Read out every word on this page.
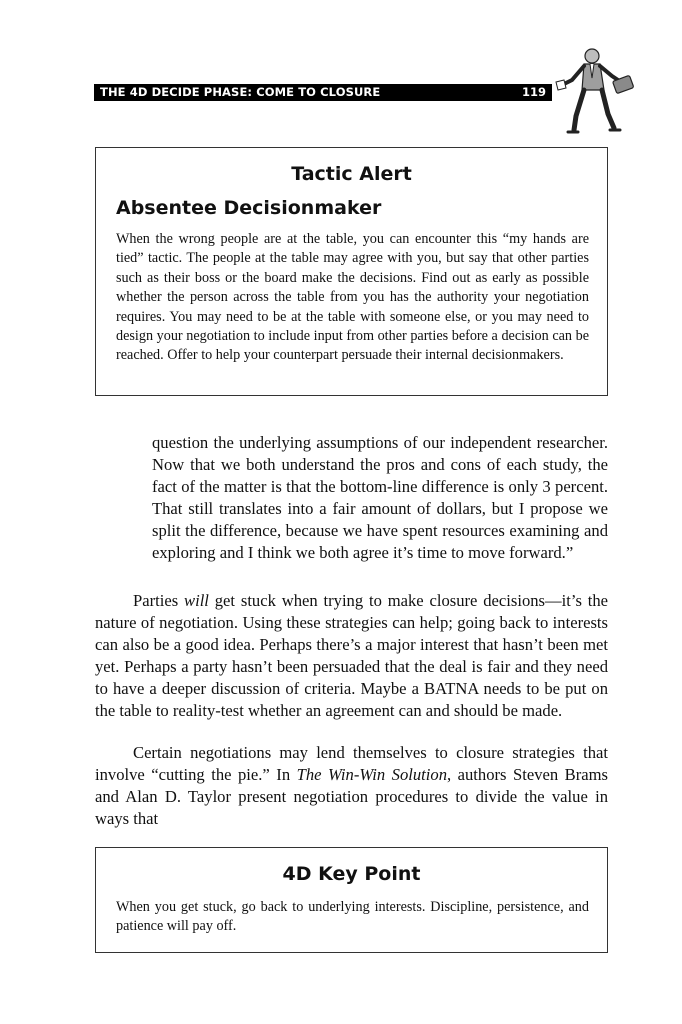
THE 4D DECIDE PHASE: COME TO CLOSURE	119
Tactic Alert
Absentee Decisionmaker

When the wrong people are at the table, you can encounter this “my hands are tied” tactic. The people at the table may agree with you, but say that other parties such as their boss or the board make the decisions. Find out as early as possible whether the person across the table from you has the authority your negotiation requires. You may need to be at the table with someone else, or you may need to design your negotiation to include input from other parties before a decision can be reached. Offer to help your counterpart persuade their internal decisionmakers.

question the underlying assumptions of our independent researcher. Now that we both understand the pros and cons of each study, the fact of the matter is that the bottom-line difference is only 3 percent. That still translates into a fair amount of dollars, but I propose we split the difference, because we have spent resources examining and exploring and I think we both agree it’s time to move forward.”

Parties will get stuck when trying to make closure decisions—it’s the nature of negotiation. Using these strategies can help; going back to interests can also be a good idea. Perhaps there’s a major interest that hasn’t been met yet. Perhaps a party hasn’t been persuaded that the deal is fair and they need to have a deeper discussion of criteria. Maybe a BATNA needs to be put on the table to reality-test whether an agreement can and should be made.

Certain negotiations may lend themselves to closure strategies that involve “cutting the pie.” In The Win-Win Solution, authors Steven Brams and Alan D. Taylor present negotiation procedures to divide the value in ways that

4D Key Point

When you get stuck, go back to underlying interests. Discipline, persistence, and patience will pay off.
